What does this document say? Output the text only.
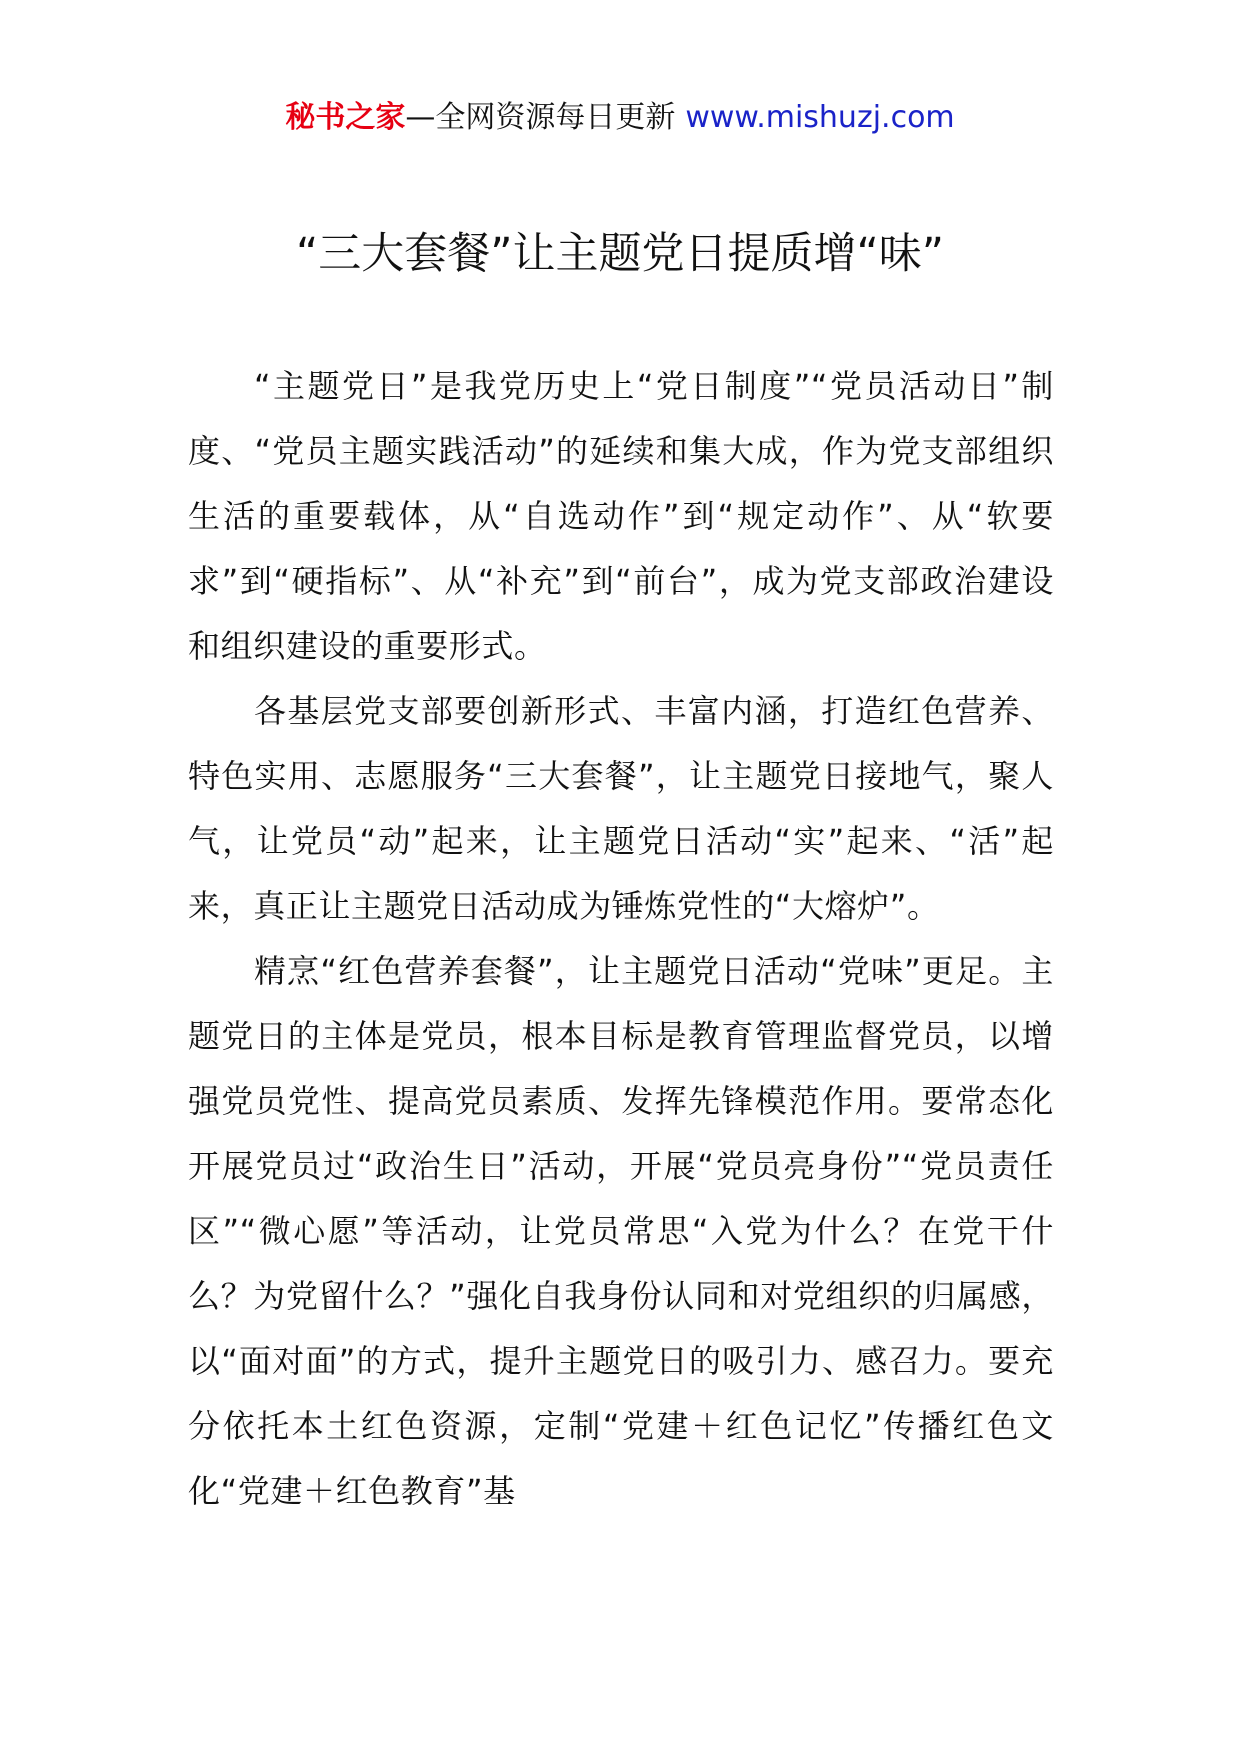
秘书之家—全网资源每日更新 www.mishuzj.com
“三大套餐”让主题党日提质增“味”

“主题党日”是我党历史上“党日制度”“党员活动日”制度、“党员主题实践活动”的延续和集大成，作为党支部组织生活的重要载体，从“自选动作”到“规定动作”、从“软要求”到“硬指标”、从“补充”到“前台”，成为党支部政治建设和组织建设的重要形式。

各基层党支部要创新形式、丰富内涵，打造红色营养、特色实用、志愿服务“三大套餐”，让主题党日接地气，聚人气，让党员“动”起来，让主题党日活动“实”起来、“活”起来，真正让主题党日活动成为锤炼党性的“大熔炉”。

精烹“红色营养套餐”，让主题党日活动“党味”更足。主题党日的主体是党员，根本目标是教育管理监督党员，以增强党员党性、提高党员素质、发挥先锋模范作用。要常态化开展党员过“政治生日”活动，开展“党员亮身份”“党员责任区”“微心愿”等活动，让党员常思“入党为什么？在党干什么？为党留什么？”强化自我身份认同和对党组织的归属感，以“面对面”的方式，提升主题党日的吸引力、感召力。要充分依托本土红色资源，定制“党建＋红色记忆”传播红色文化“党建＋红色教育”基
